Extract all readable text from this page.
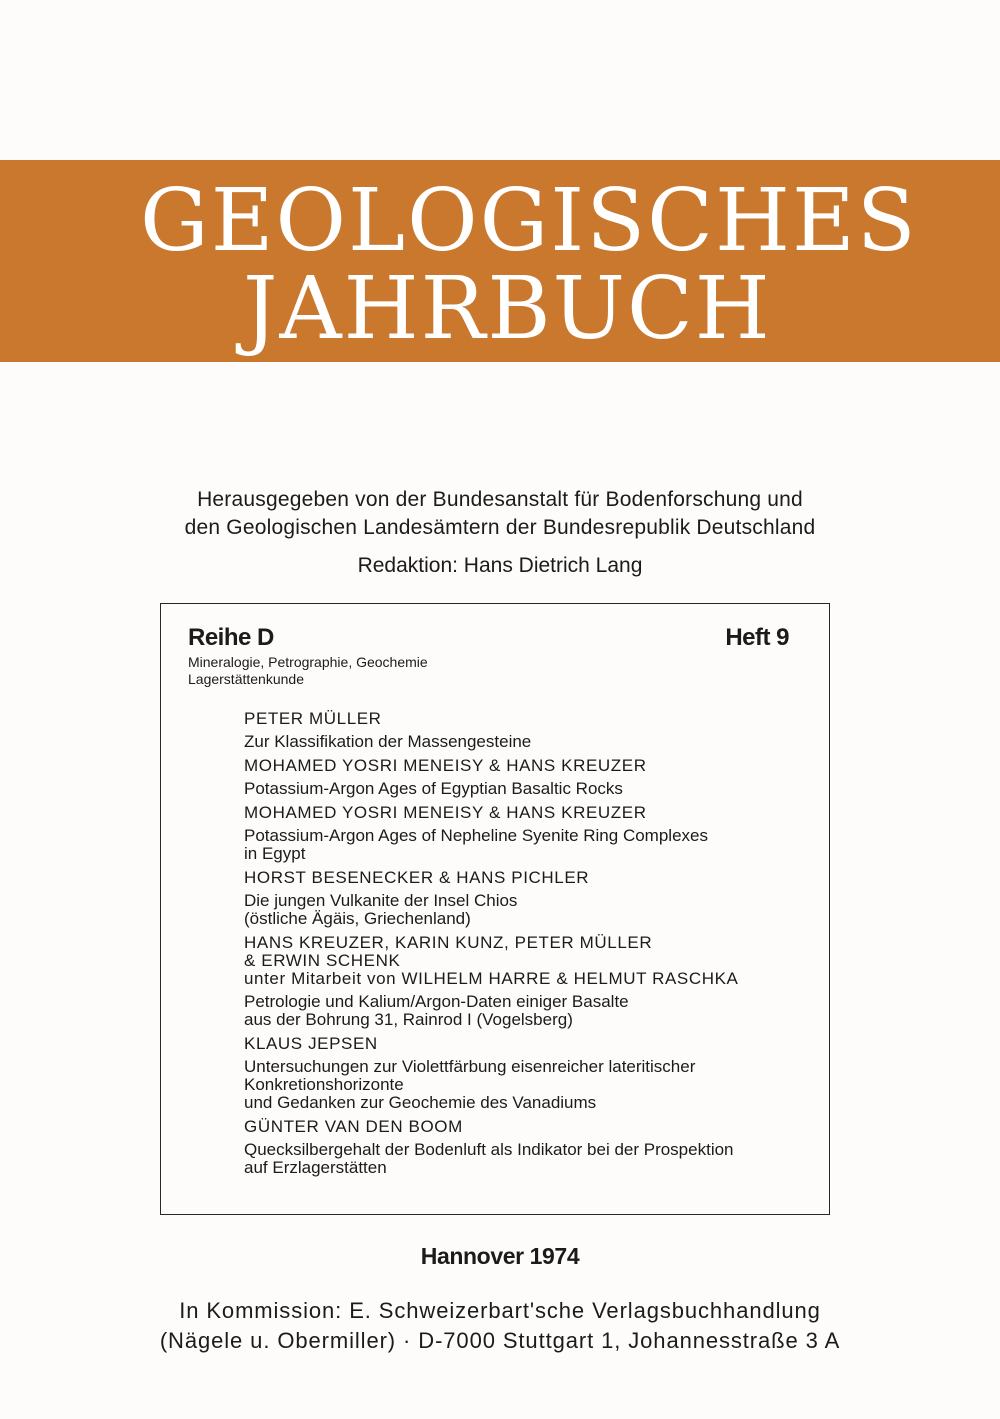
GEOLOGISCHES
JAHRBUCH
Herausgegeben von der Bundesanstalt für Bodenforschung und
den Geologischen Landesämtern der Bundesrepublik Deutschland
Redaktion: Hans Dietrich Lang
Reihe D	Heft 9
Mineralogie, Petrographie, Geochemie
Lagerstättenkunde
PETER MÜLLER
Zur Klassifikation der Massengesteine
MOHAMED YOSRI MENEISY & HANS KREUZER
Potassium-Argon Ages of Egyptian Basaltic Rocks
MOHAMED YOSRI MENEISY & HANS KREUZER
Potassium-Argon Ages of Nepheline Syenite Ring Complexes
in Egypt
HORST BESENECKER & HANS PICHLER
Die jungen Vulkanite der Insel Chios
(östliche Ägäis, Griechenland)
HANS KREUZER, KARIN KUNZ, PETER MÜLLER
& ERWIN SCHENK
unter Mitarbeit von WILHELM HARRE & HELMUT RASCHKA
Petrologie und Kalium/Argon-Daten einiger Basalte
aus der Bohrung 31, Rainrod I (Vogelsberg)
KLAUS JEPSEN
Untersuchungen zur Violettfärbung eisenreicher lateritischer
Konkretionshorizonte
und Gedanken zur Geochemie des Vanadiums
GÜNTER VAN DEN BOOM
Quecksilbergehalt der Bodenluft als Indikator bei der Prospektion
auf Erzlagerstätten
Hannover 1974
In Kommission: E. Schweizerbart'sche Verlagsbuchhandlung
(Nägele u. Obermiller) · D-7000 Stuttgart 1, Johannesstraße 3 A
